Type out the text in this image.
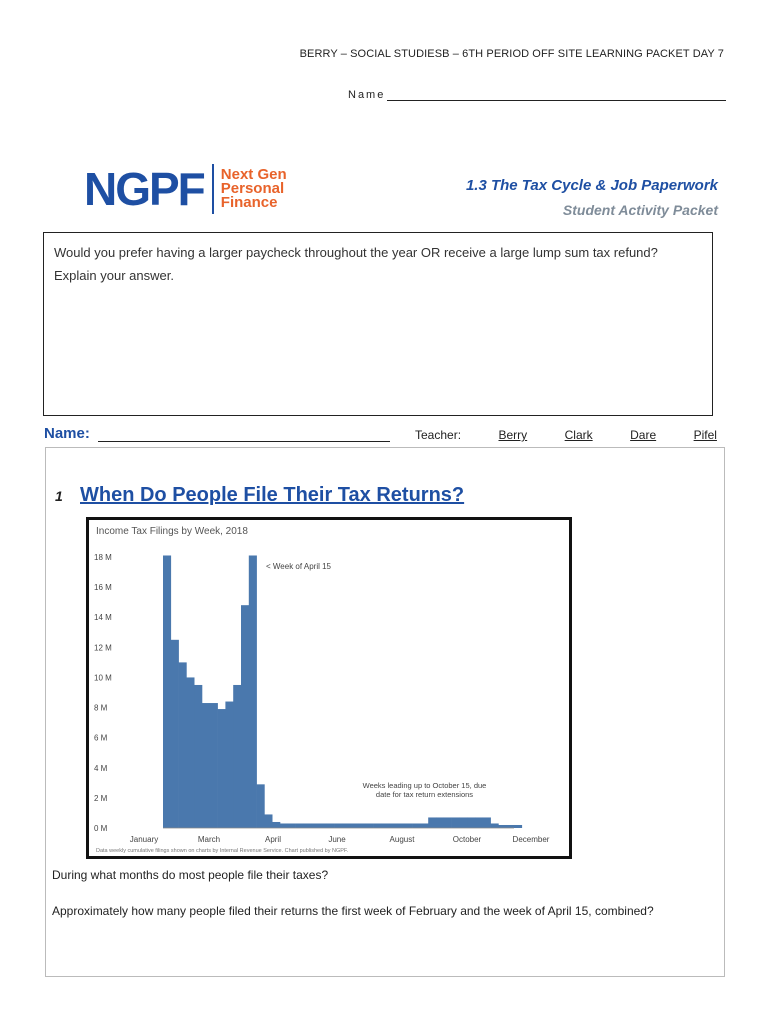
BERRY – SOCIAL STUDIESB – 6TH PERIOD OFF SITE LEARNING PACKET DAY 7
Name
NGPF Next Gen
Personal
Finance
1.3 The Tax Cycle & Job Paperwork
Student Activity Packet
Would you prefer having a larger paycheck throughout the year OR receive a large lump sum tax refund? Explain your answer.
Name:	Teacher:	Berry	Clark	Dare	Pifel
1 When Do People File Their Tax Returns?
Income Tax Filings by Week, 2018
0 M
2 M
4 M
6 M
8 M
10 M
12 M
14 M
16 M
18 M
January	March	April	June	August	October	December
< Week of April 15
Weeks leading up to October 15, due date for tax return extensions
Data weekly cumulative filings shown on charts by Internal Revenue Service. Chart published by NGPF.
During what months do most people file their taxes?
Approximately how many people filed their returns the first week of February and the week of April 15, combined?
